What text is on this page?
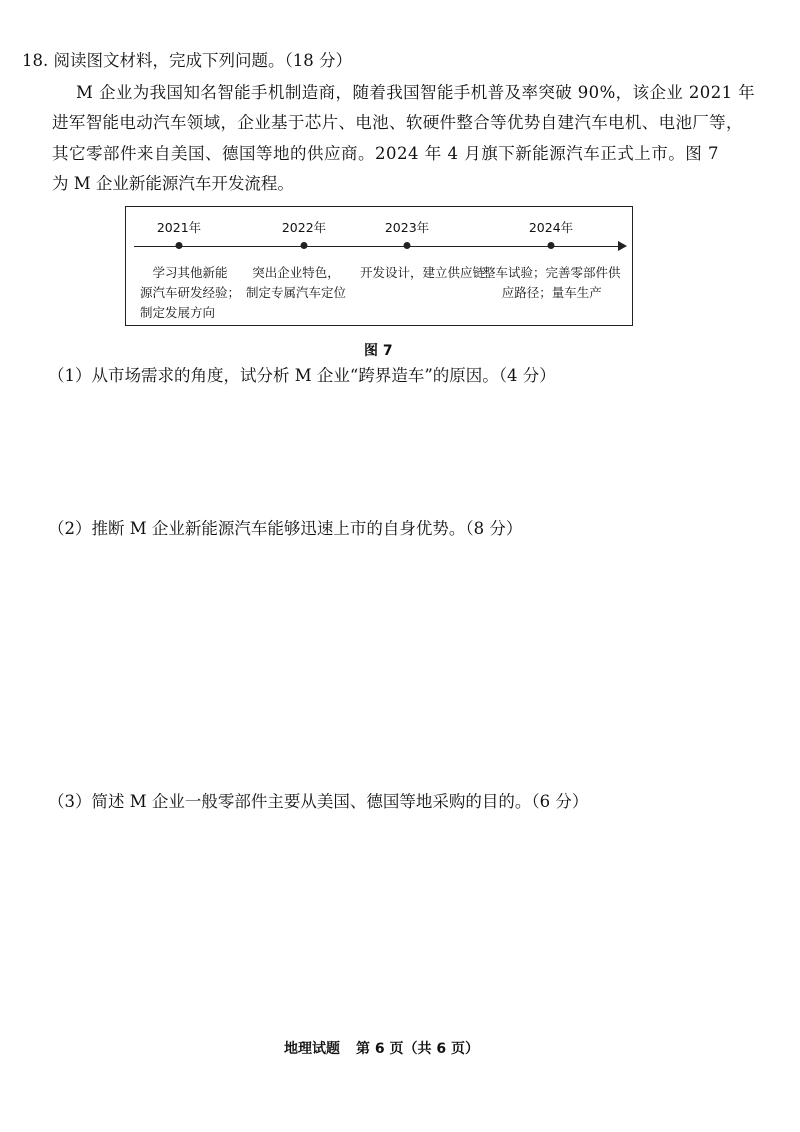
18. 阅读图文材料，完成下列问题。（18 分）
M 企业为我国知名智能手机制造商，随着我国智能手机普及率突破 90%，该企业 2021 年
进军智能电动汽车领域，企业基于芯片、电池、软硬件整合等优势自建汽车电机、电池厂等，
其它零部件来自美国、德国等地的供应商。2024 年 4 月旗下新能源汽车正式上市。图 7
为 M 企业新能源汽车开发流程。
2021年	2022年	2023年	2024年
学习其他新能
源汽车研发经验；
制定发展方向
突出企业特色，
制定专属汽车定位
开发设计，建立供应链
整车试验；完善零部件供
应路径；量车生产
图 7
（1）从市场需求的角度，试分析 M 企业“跨界造车”的原因。（4 分）
（2）推断 M 企业新能源汽车能够迅速上市的自身优势。（8 分）
（3）简述 M 企业一般零部件主要从美国、德国等地采购的目的。（6 分）
地理试题 第 6 页（共 6 页）
